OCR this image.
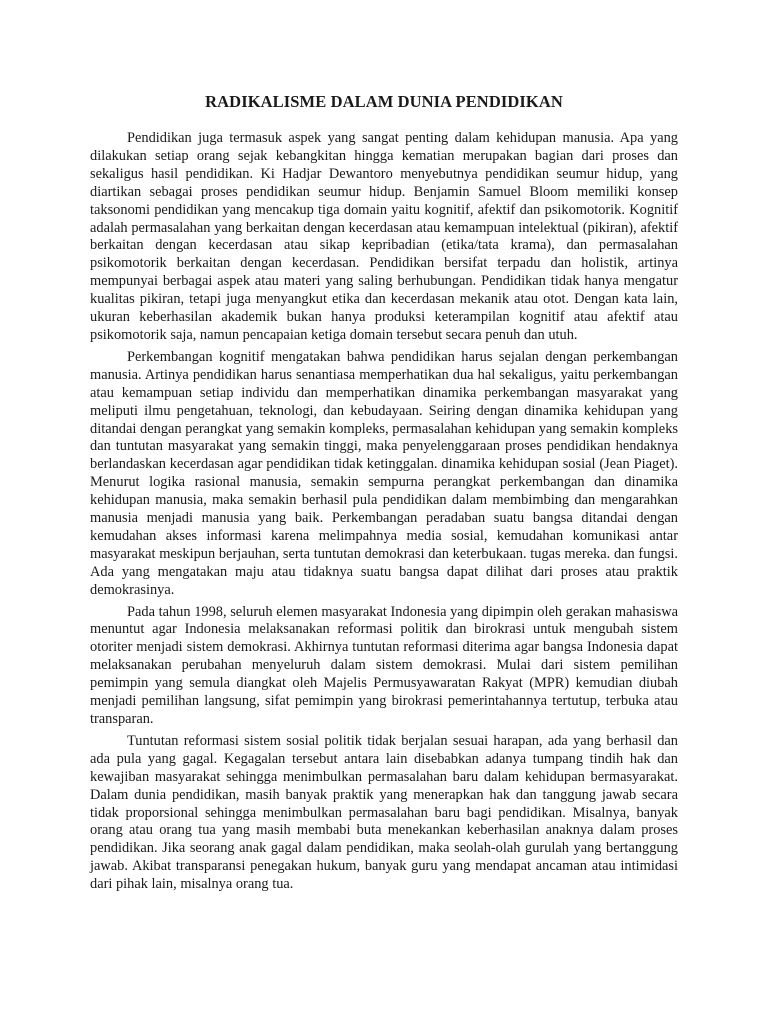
RADIKALISME DALAM DUNIA PENDIDIKAN

Pendidikan juga termasuk aspek yang sangat penting dalam kehidupan manusia. Apa yang dilakukan setiap orang sejak kebangkitan hingga kematian merupakan bagian dari proses dan sekaligus hasil pendidikan. Ki Hadjar Dewantoro menyebutnya pendidikan seumur hidup, yang diartikan sebagai proses pendidikan seumur hidup. Benjamin Samuel Bloom memiliki konsep taksonomi pendidikan yang mencakup tiga domain yaitu kognitif, afektif dan psikomotorik. Kognitif adalah permasalahan yang berkaitan dengan kecerdasan atau kemampuan intelektual (pikiran), afektif berkaitan dengan kecerdasan atau sikap kepribadian (etika/tata krama), dan permasalahan psikomotorik berkaitan dengan kecerdasan. Pendidikan bersifat terpadu dan holistik, artinya mempunyai berbagai aspek atau materi yang saling berhubungan. Pendidikan tidak hanya mengatur kualitas pikiran, tetapi juga menyangkut etika dan kecerdasan mekanik atau otot. Dengan kata lain, ukuran keberhasilan akademik bukan hanya produksi keterampilan kognitif atau afektif atau psikomotorik saja, namun pencapaian ketiga domain tersebut secara penuh dan utuh.

Perkembangan kognitif mengatakan bahwa pendidikan harus sejalan dengan perkembangan manusia. Artinya pendidikan harus senantiasa memperhatikan dua hal sekaligus, yaitu perkembangan atau kemampuan setiap individu dan memperhatikan dinamika perkembangan masyarakat yang meliputi ilmu pengetahuan, teknologi, dan kebudayaan. Seiring dengan dinamika kehidupan yang ditandai dengan perangkat yang semakin kompleks, permasalahan kehidupan yang semakin kompleks dan tuntutan masyarakat yang semakin tinggi, maka penyelenggaraan proses pendidikan hendaknya berlandaskan kecerdasan agar pendidikan tidak ketinggalan. dinamika kehidupan sosial (Jean Piaget). Menurut logika rasional manusia, semakin sempurna perangkat perkembangan dan dinamika kehidupan manusia, maka semakin berhasil pula pendidikan dalam membimbing dan mengarahkan manusia menjadi manusia yang baik. Perkembangan peradaban suatu bangsa ditandai dengan kemudahan akses informasi karena melimpahnya media sosial, kemudahan komunikasi antar masyarakat meskipun berjauhan, serta tuntutan demokrasi dan keterbukaan. tugas mereka. dan fungsi. Ada yang mengatakan maju atau tidaknya suatu bangsa dapat dilihat dari proses atau praktik demokrasinya.

Pada tahun 1998, seluruh elemen masyarakat Indonesia yang dipimpin oleh gerakan mahasiswa menuntut agar Indonesia melaksanakan reformasi politik dan birokrasi untuk mengubah sistem otoriter menjadi sistem demokrasi. Akhirnya tuntutan reformasi diterima agar bangsa Indonesia dapat melaksanakan perubahan menyeluruh dalam sistem demokrasi. Mulai dari sistem pemilihan pemimpin yang semula diangkat oleh Majelis Permusyawaratan Rakyat (MPR) kemudian diubah menjadi pemilihan langsung, sifat pemimpin yang birokrasi pemerintahannya tertutup, terbuka atau transparan.

Tuntutan reformasi sistem sosial politik tidak berjalan sesuai harapan, ada yang berhasil dan ada pula yang gagal. Kegagalan tersebut antara lain disebabkan adanya tumpang tindih hak dan kewajiban masyarakat sehingga menimbulkan permasalahan baru dalam kehidupan bermasyarakat. Dalam dunia pendidikan, masih banyak praktik yang menerapkan hak dan tanggung jawab secara tidak proporsional sehingga menimbulkan permasalahan baru bagi pendidikan. Misalnya, banyak orang atau orang tua yang masih membabi buta menekankan keberhasilan anaknya dalam proses pendidikan. Jika seorang anak gagal dalam pendidikan, maka seolah-olah gurulah yang bertanggung jawab. Akibat transparansi penegakan hukum, banyak guru yang mendapat ancaman atau intimidasi dari pihak lain, misalnya orang tua.
